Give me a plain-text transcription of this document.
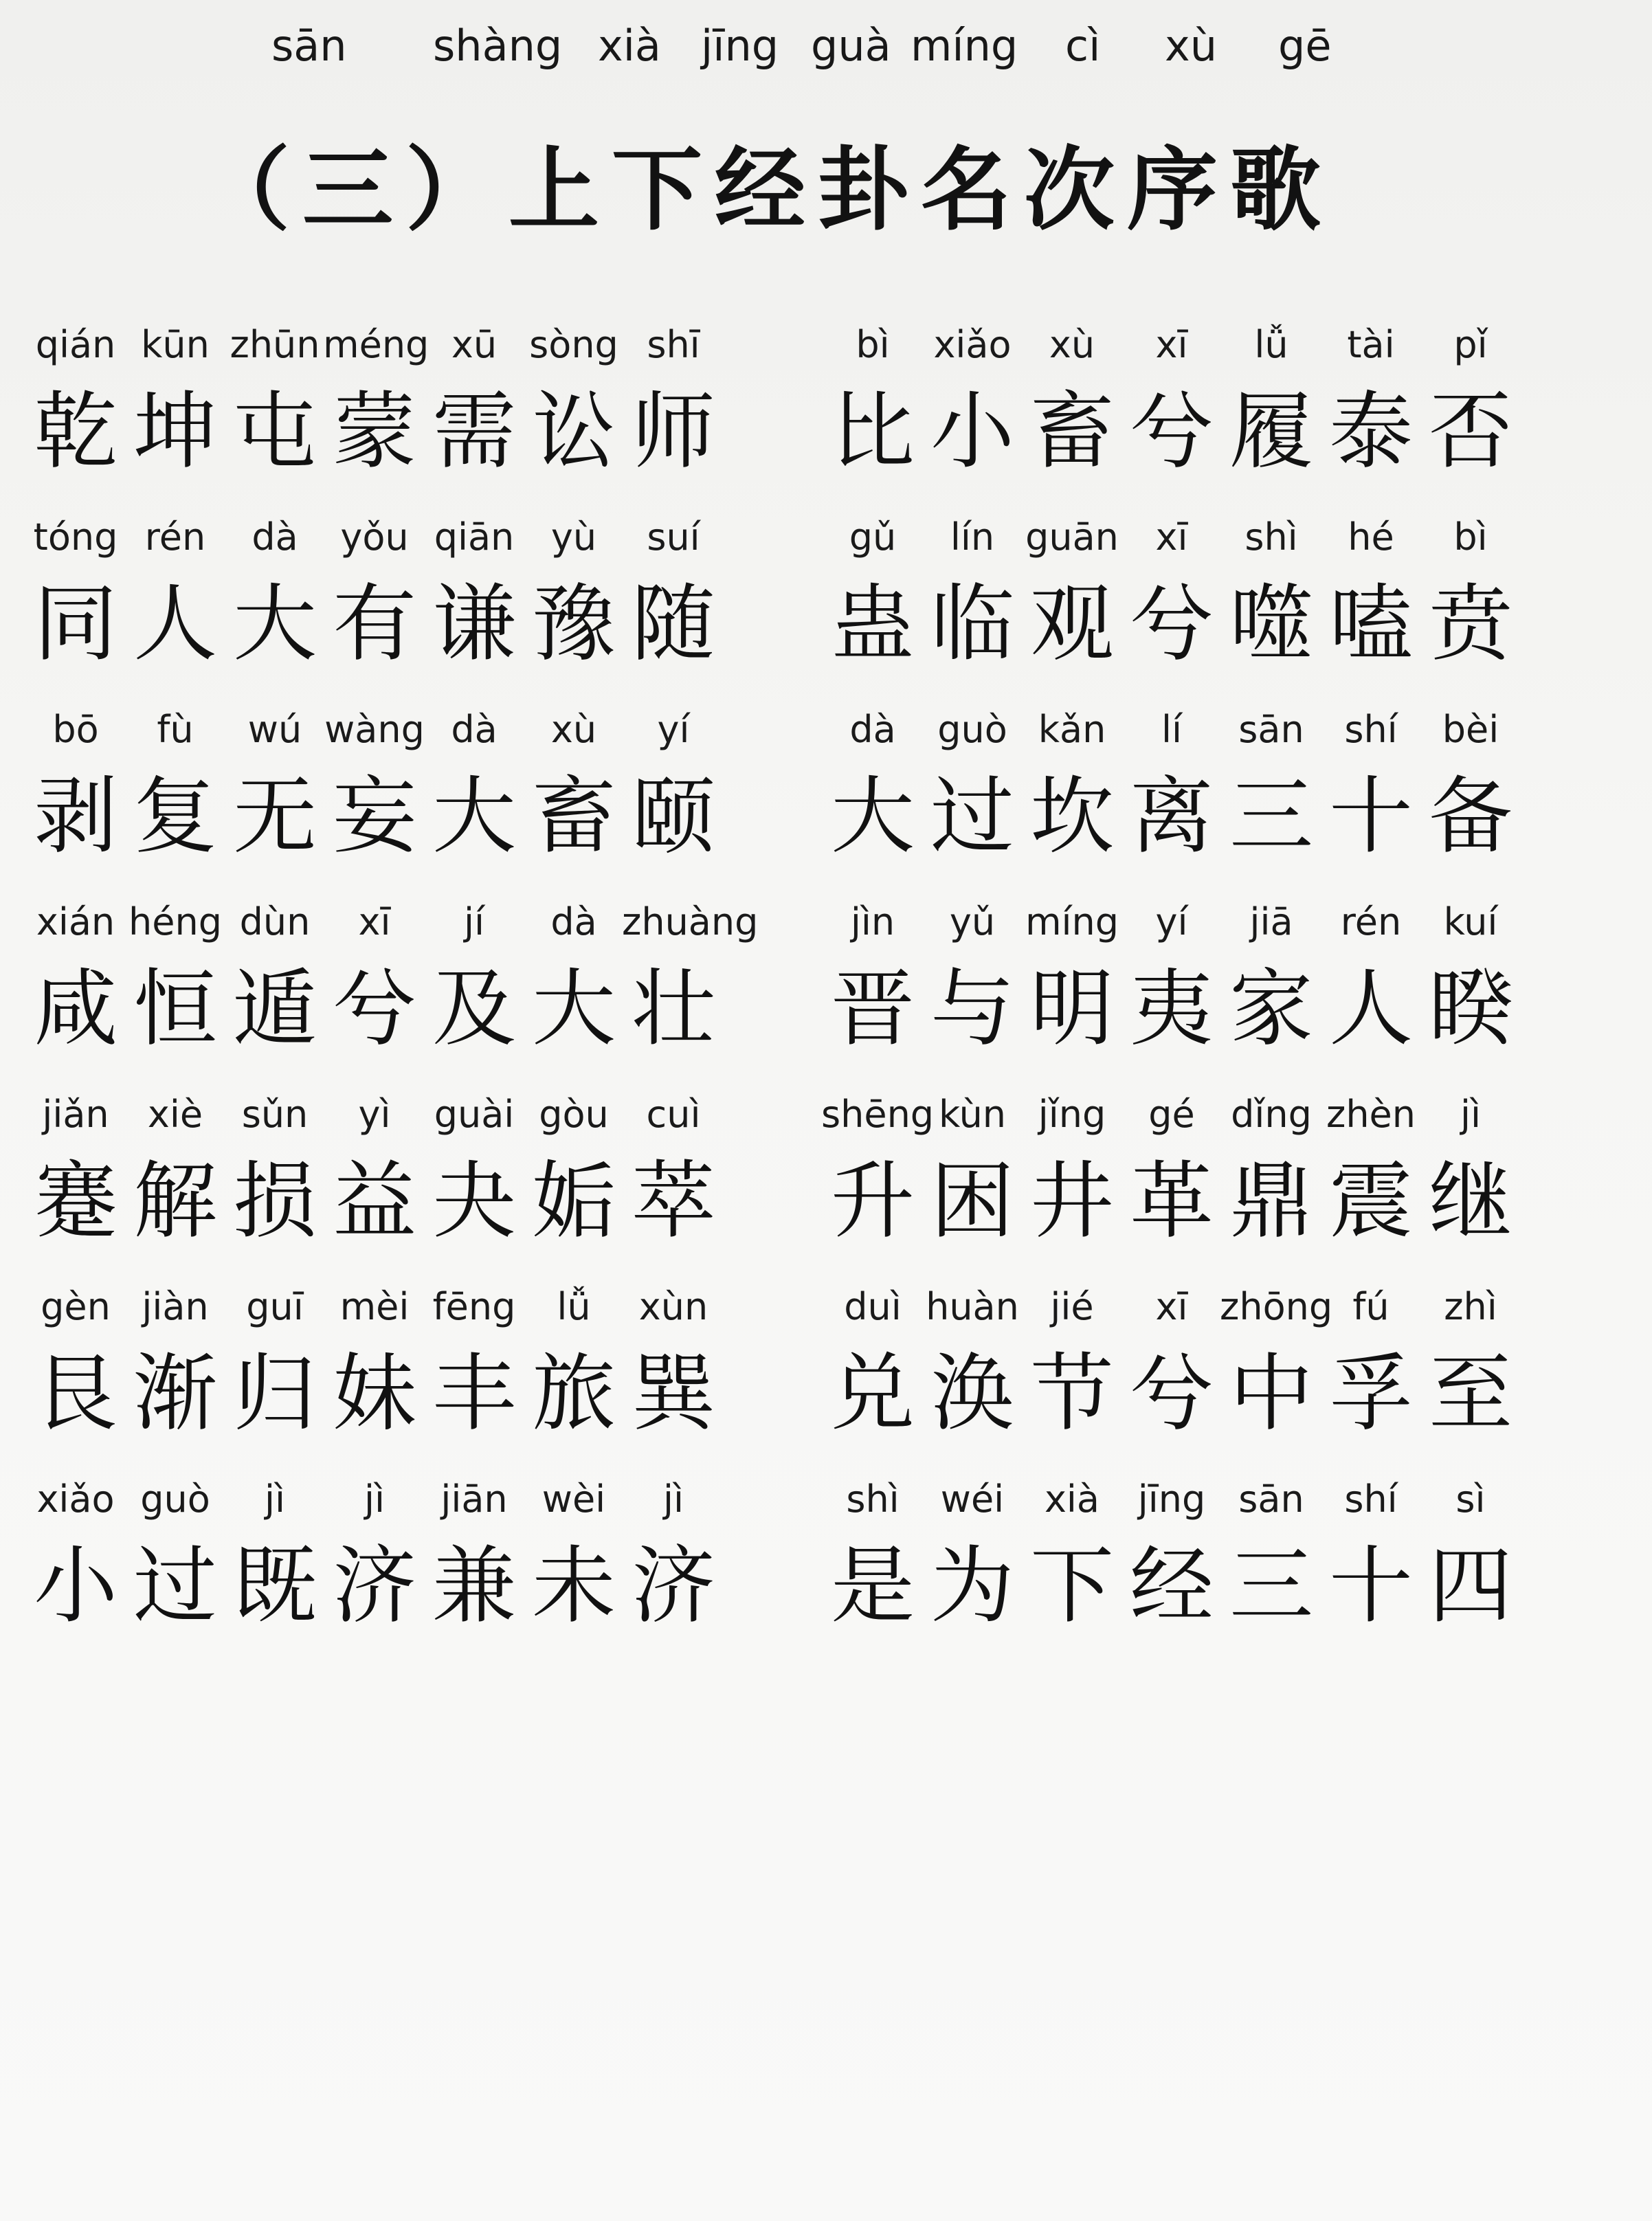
sān shàng xià jīng guà míng cì xù gē
（三）上下经卦名次序歌
qián kūn zhūn méng xū sòng shī
乾 坤 屯 蒙 需 讼 师
tóng rén	dà	yǒu qiān yù	suí
同 人 大 有 谦 豫 随
bō	fù	wú wàng dà	xù	yí
剥 复 无 妄 大 畜 颐
xián héng dùn	xī	jí	dà zhuàng
咸 恒 遁 兮 及 大 壮
jiǎn	xiè	sǔn	yì	guài gòu	cuì
蹇 解 损 益 夬 姤 萃
gèn jiàn	guī mèi fēng	lǚ	xùn
艮 渐 归 妹 丰 旅 巽
xiǎo guò	jì	jì	jiān wèi	jì
小 过 既 济 兼 未 济
bì	xiǎo	xù	xī	lǚ	tài	pǐ
比 小 畜 兮 履 泰 否
gǔ	lín guān xī	shì	hé	bì
蛊 临 观 兮 噬 嗑 贲
dà	guò kǎn	lí	sān	shí	bèi
大 过 坎 离 三 十 备
jìn	yǔ míng yí	jiā	rén	kuí
晋 与 明 夷 家 人 睽
shēng kùn jǐng	gé dǐng zhèn	jì
升 困 井 革 鼎 震 继
duì huàn jié	xī zhōng fú	zhì
兑 涣 节 兮 中 孚 至
shì	wéi	xià	jīng sān	shí	sì
是 为 下 经 三 十 四
